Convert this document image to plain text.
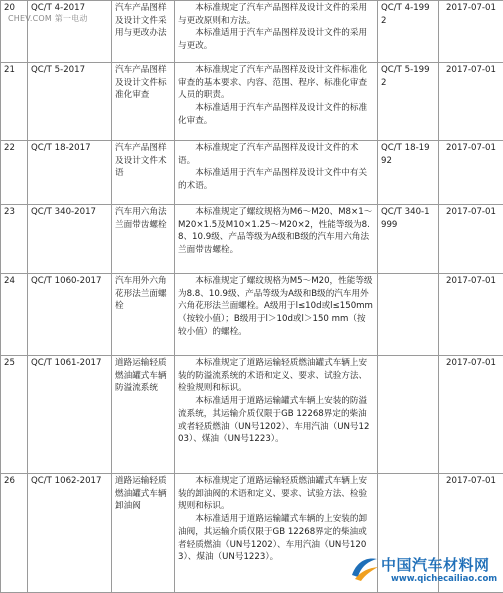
20	QC/T 4-2017	汽车产品图样及设计文件采用与更改办法	本标准规定了汽车产品图样及设计文件的采用与更改原则和方法。

本标准适用于汽车产品图样及设计文件的采用与更改。	QC/T 4-1992	2017-07-01
21	QC/T 5-2017	汽车产品图样及设计文件标准化审查	本标准规定了汽车产品图样及设计文件标准化审查的基本要求、内容、范围、程序、标准化审查人员的职责。

本标准适用于汽车产品图样及设计文件的标准化审查。	QC/T 5-1992	2017-07-01
22	QC/T 18-2017	汽车产品图样及设计文件术语	本标准规定了汽车产品图样及设计文件的术语。

本标准适用于汽车产品图样及设计文件中有关的术语。	QC/T 18-1992	2017-07-01
23	QC/T 340-2017	汽车用六角法兰面带齿螺栓	本标准规定了螺纹规格为M6～M20、M8×1～M20×1.5及M10×1.25～M20×2，性能等级为8.8、10.9级、产品等级为A级和B级的汽车用六角法兰面带齿螺栓。	QC/T 340-1999	2017-07-01
24	QC/T 1060-2017	汽车用外六角花形法兰面螺栓	本标准规定了螺纹规格为M5～M20，性能等级为8.8、10.9级、产品等级为A级和B级的汽车用外六角花形法兰面螺栓。A级用于l≤10d或l≤150mm（按较小值）；B级用于l＞10d或l＞150 mm（按较小值）的螺栓。		2017-07-01
25	QC/T 1061-2017	道路运输轻质燃油罐式车辆防溢流系统	本标准规定了道路运输轻质燃油罐式车辆上安装的防溢流系统的术语和定义、要求、试验方法、检验规则和标识。

本标准适用于道路运输罐式车辆上安装的防溢流系统，其运输介质仅限于GB 12268界定的柴油或者轻质燃油（UN号1202）、车用汽油（UN号1203）、煤油（UN号1223）。		2017-07-01
26	QC/T 1062-2017	道路运输轻质燃油罐式车辆卸油阀	本标准规定了道路运输轻质燃油罐式车辆上安装的卸油阀的术语和定义、要求、试验方法、检验规则和标识。

本标准适用于道路运输罐式车辆的上安装的卸油阀，其运输介质仅限于GB 12268界定的柴油或者轻质燃油（UN号1202）、车用汽油（UN号1203）、煤油（UN号1223）。		2017-07-01
CHEV.COM 第一电动
中国汽车材料网
www.qichecailiao.com
